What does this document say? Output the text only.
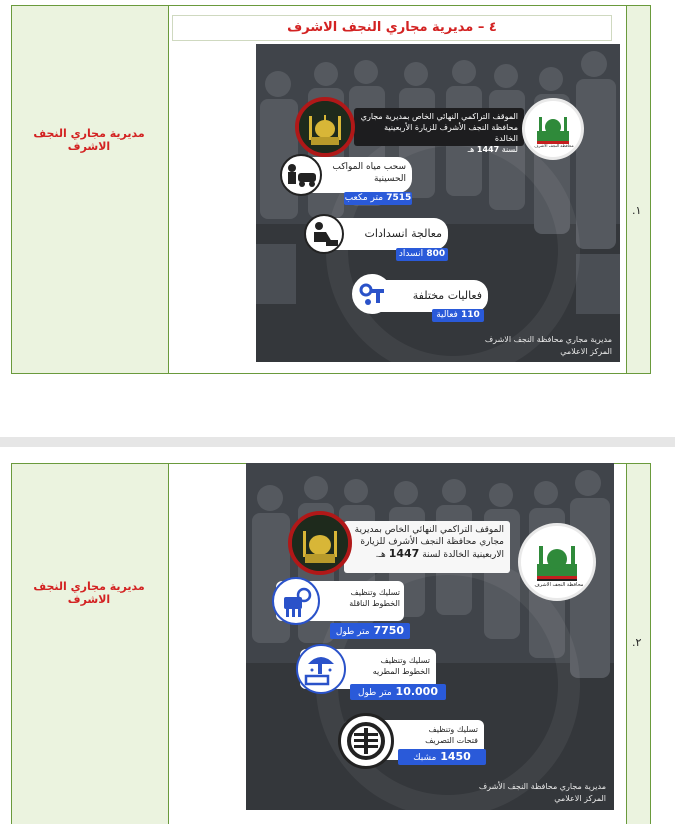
٤ – مديرية مجاري النجف الاشرف
مديرية مجاري النجف الاشرف
١.
الموقف التراكمي النهائي الخاص بمديرية مجاري
محافظة النجف الأشرف للزيارة الأربعينية الخالدة
لسنة 1447 هـ	محافظة النجف الاشرف
سحب مياه المواكب
الحسينية
7515 متر مكعب
معالجة انسدادات
800 انسداد
فعاليات مختلفة
110 فعالية
مديرية مجاري محافظة النجف الاشرف
المركز الاعلامي
مديرية مجاري النجف الاشرف
٢.
الموقف التراكمي النهائي الخاص بمديرية
مجاري محافظة النجف الأشرف للزيارة
الاربعينية الخالدة لسنة 1447 هـ.
محافظة النجف الاشرف
تسليك وتنظيف
الخطوط الناقلة
7750 متر طول
تسليك وتنظيف
الخطوط المطريه
10.000 متر طول
تسليك وتنظيف
فتحات التصريف
1450 مشبك
مديرية مجاري محافظة النجف الأشرف
المركز الاعلامي
